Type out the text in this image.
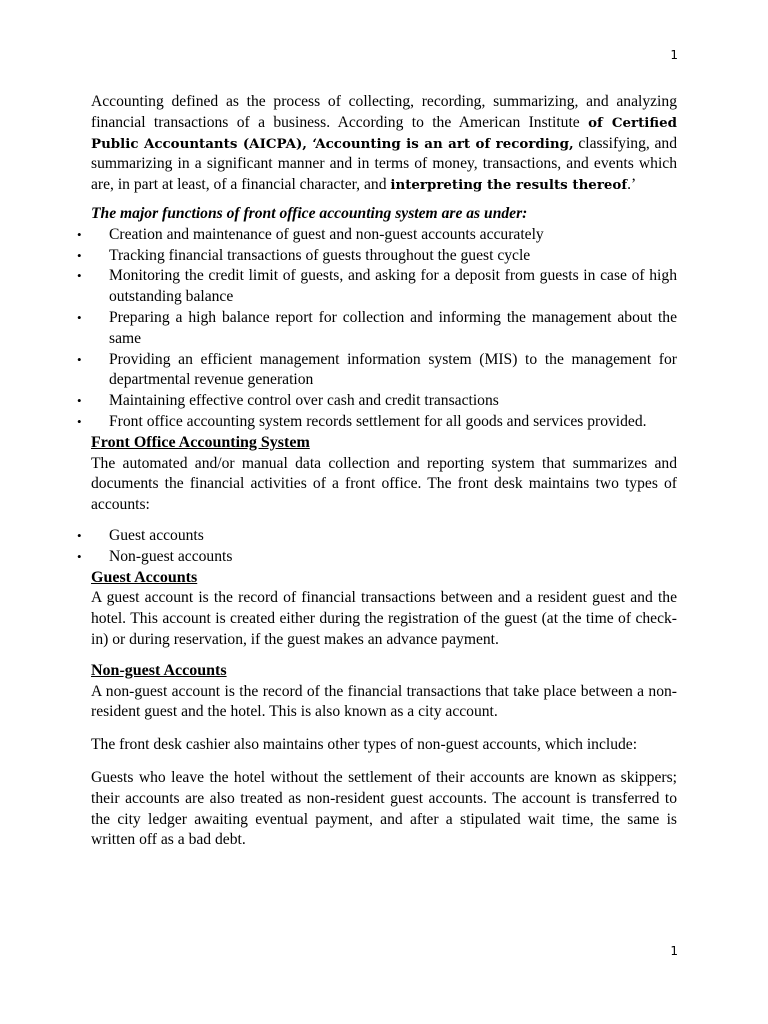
1

Accounting defined as the process of collecting, recording, summarizing, and analyzing financial transactions of a business. According to the American Institute of Certified Public Accountants (AICPA), ‘Accounting is an art of recording, classifying, and summarizing in a significant manner and in terms of money, transactions, and events which are, in part at least, of a financial character, and interpreting the results thereof.’

The major functions of front office accounting system are as under:

• Creation and maintenance of guest and non-guest accounts accurately
• Tracking financial transactions of guests throughout the guest cycle
• Monitoring the credit limit of guests, and asking for a deposit from guests in case of high outstanding balance
• Preparing a high balance report for collection and informing the management about the same
• Providing an efficient management information system (MIS) to the management for departmental revenue generation
• Maintaining effective control over cash and credit transactions
• Front office accounting system records settlement for all goods and services provided.

Front Office Accounting System

The automated and/or manual data collection and reporting system that summarizes and documents the financial activities of a front office. The front desk maintains two types of accounts:

• Guest accounts
• Non-guest accounts

Guest Accounts

A guest account is the record of financial transactions between and a resident guest and the hotel. This account is created either during the registration of the guest (at the time of check-in) or during reservation, if the guest makes an advance payment.

Non-guest Accounts

A non-guest account is the record of the financial transactions that take place between a non-resident guest and the hotel. This is also known as a city account.

The front desk cashier also maintains other types of non-guest accounts, which include:

Guests who leave the hotel without the settlement of their accounts are known as skippers; their accounts are also treated as non-resident guest accounts. The account is transferred to the city ledger awaiting eventual payment, and after a stipulated wait time, the same is written off as a bad debt.

1
